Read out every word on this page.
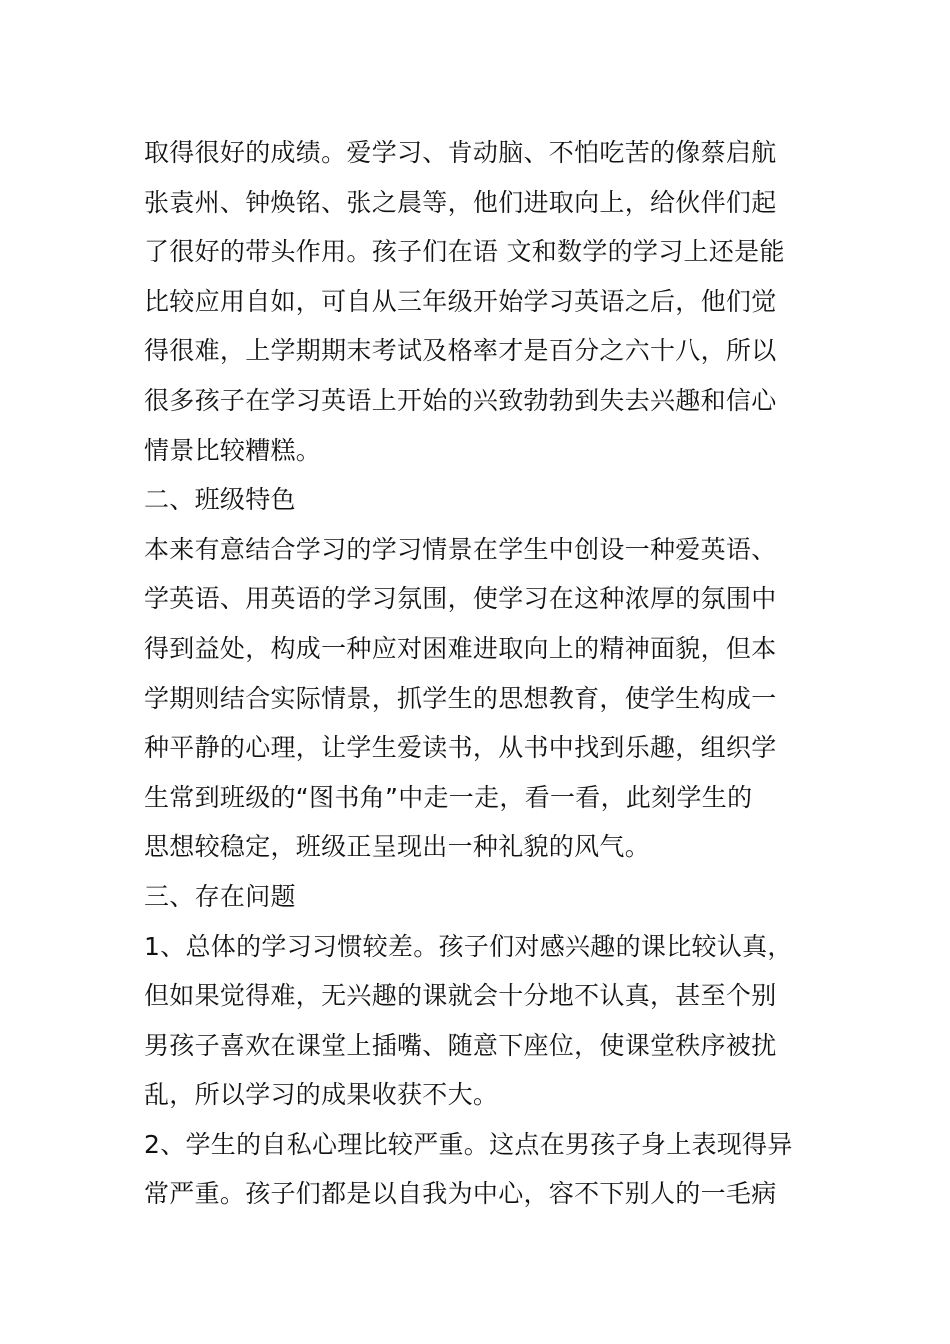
取得很好的成绩。爱学习、肯动脑、不怕吃苦的像蔡启航
张袁州、钟焕铭、张之晨等，他们进取向上，给伙伴们起
了很好的带头作用。孩子们在语 文和数学的学习上还是能
比较应用自如，可自从三年级开始学习英语之后，他们觉
得很难，上学期期末考试及格率才是百分之六十八，所以
很多孩子在学习英语上开始的兴致勃勃到失去兴趣和信心
情景比较糟糕。
二、班级特色
本来有意结合学习的学习情景在学生中创设一种爱英语、
学英语、用英语的学习氛围，使学习在这种浓厚的氛围中
得到益处，构成一种应对困难进取向上的精神面貌，但本
学期则结合实际情景，抓学生的思想教育，使学生构成一
种平静的心理，让学生爱读书，从书中找到乐趣，组织学
生常到班级的“图书角”中走一走，看一看，此刻学生的
思想较稳定，班级正呈现出一种礼貌的风气。
三、存在问题
1、总体的学习习惯较差。孩子们对感兴趣的课比较认真，
但如果觉得难，无兴趣的课就会十分地不认真，甚至个别
男孩子喜欢在课堂上插嘴、随意下座位，使课堂秩序被扰
乱，所以学习的成果收获不大。
2、学生的自私心理比较严重。这点在男孩子身上表现得异
常严重。孩子们都是以自我为中心，容不下别人的一毛病
